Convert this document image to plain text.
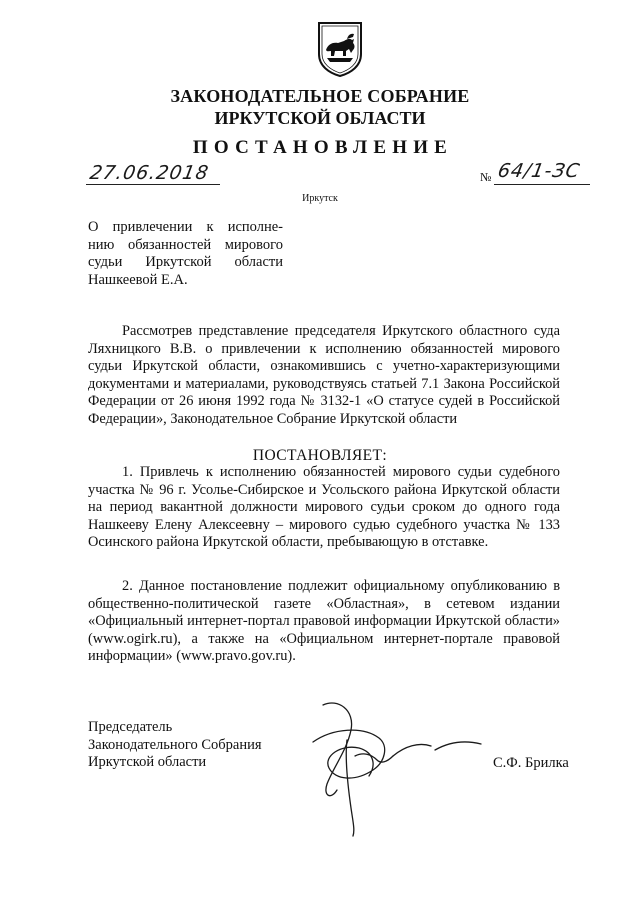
ЗАКОНОДАТЕЛЬНОЕ СОБРАНИЕ
ИРКУТСКОЙ ОБЛАСТИ
ПОСТАНОВЛЕНИЕ
27.06.2018	№ 64/1-ЗС
Иркутск
О привлечении к исполне-
нию обязанностей мирового
судьи Иркутской области
Нашкеевой Е.А.
Рассмотрев представление председателя Иркутского областного суда Ляхницкого В.В. о привлечении к исполнению обязанностей мирового судьи Иркутской области, ознакомившись с учетно-характеризующими документами и материалами, руководствуясь статьей 7.1 Закона Российской Федерации от 26 июня 1992 года № 3132-1 «О статусе судей в Российской Федерации», Законодательное Собрание Иркутской области
ПОСТАНОВЛЯЕТ:
1. Привлечь к исполнению обязанностей мирового судьи судебного участка № 96 г. Усолье-Сибирское и Усольского района Иркутской области на период вакантной должности мирового судьи сроком до одного года Нашкееву Елену Алексеевну – мирового судью судебного участка № 133 Осинского района Иркутской области, пребывающую в отставке.
2. Данное постановление подлежит официальному опубликованию в общественно-политической газете «Областная», в сетевом издании «Официальный интернет-портал правовой информации Иркутской области» (www.ogirk.ru), а также на «Официальном интернет-портале правовой информации» (www.pravo.gov.ru).
Председатель
Законодательного Собрания
Иркутской области	С.Ф. Брилка
